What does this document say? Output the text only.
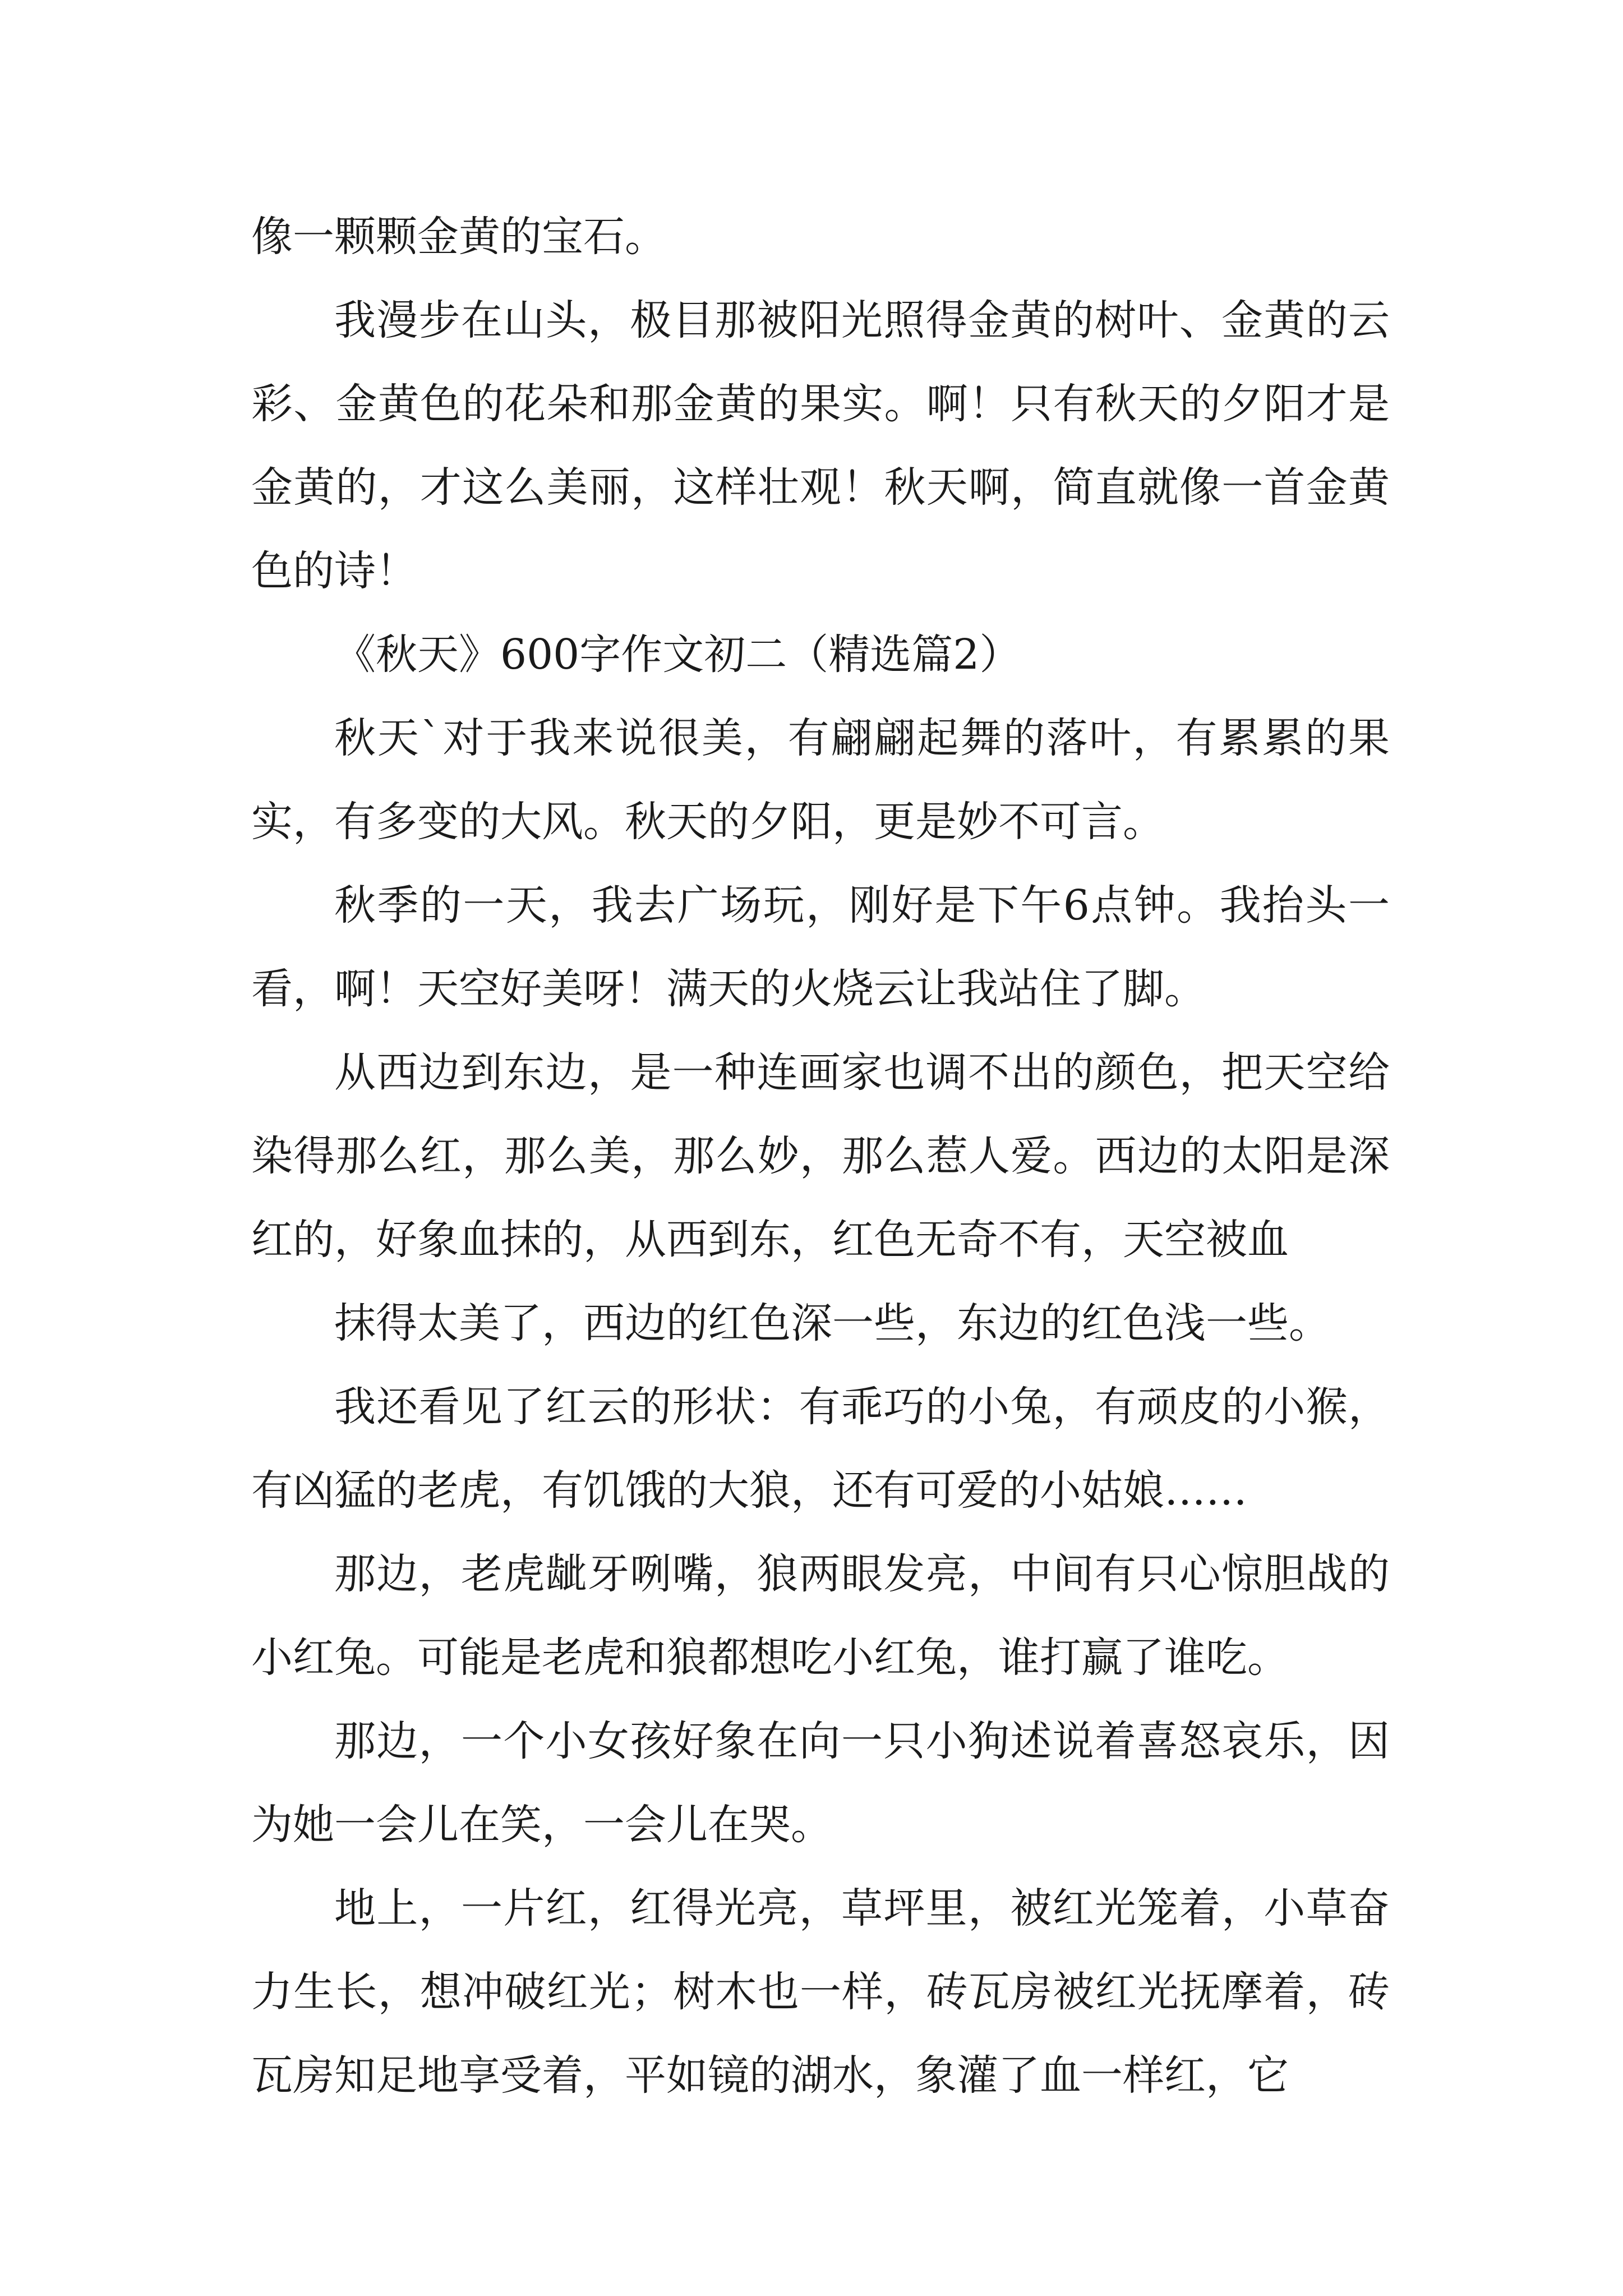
像一颗颗金黄的宝石。

我漫步在山头，极目那被阳光照得金黄的树叶、金黄的云彩、金黄色的花朵和那金黄的果实。啊！只有秋天的夕阳才是金黄的，才这么美丽，这样壮观！秋天啊，简直就像一首金黄色的诗！

《秋天》600字作文初二（精选篇2）

秋天`对于我来说很美，有翩翩起舞的落叶，有累累的果实，有多变的大风。秋天的夕阳，更是妙不可言。

秋季的一天，我去广场玩，刚好是下午6点钟。我抬头一看，啊！天空好美呀！满天的火烧云让我站住了脚。

从西边到东边，是一种连画家也调不出的颜色，把天空给染得那么红，那么美，那么妙，那么惹人爱。西边的太阳是深红的，好象血抹的，从西到东，红色无奇不有，天空被血

抹得太美了，西边的红色深一些，东边的红色浅一些。

我还看见了红云的形状：有乖巧的小兔，有顽皮的小猴，有凶猛的老虎，有饥饿的大狼，还有可爱的小姑娘……

那边，老虎龇牙咧嘴，狼两眼发亮，中间有只心惊胆战的小红兔。可能是老虎和狼都想吃小红兔，谁打赢了谁吃。

那边，一个小女孩好象在向一只小狗述说着喜怒哀乐，因为她一会儿在笑，一会儿在哭。

地上，一片红，红得光亮，草坪里，被红光笼着，小草奋力生长，想冲破红光；树木也一样，砖瓦房被红光抚摩着，砖瓦房知足地享受着，平如镜的湖水，象灌了血一样红，它
